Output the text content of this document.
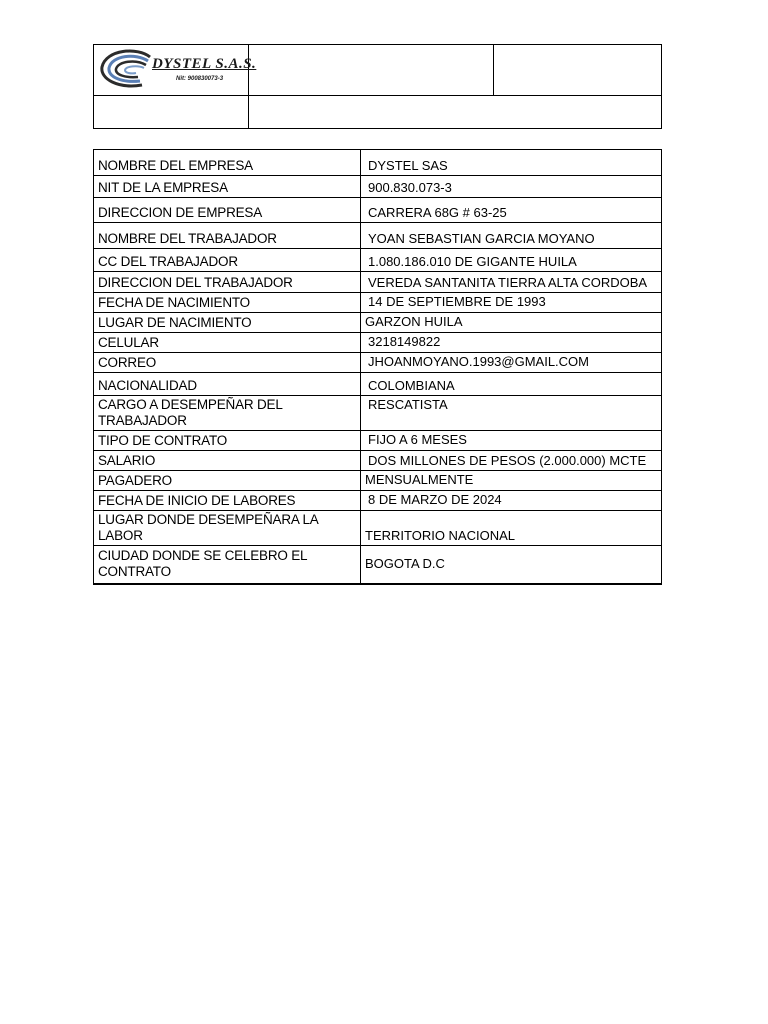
DYSTEL S.A.S.
Nit: 900830073-3		

NOMBRE DEL EMPRESA	DYSTEL SAS
NIT DE LA EMPRESA	900.830.073-3
DIRECCION DE EMPRESA	CARRERA 68G # 63-25
NOMBRE DEL TRABAJADOR	YOAN SEBASTIAN GARCIA MOYANO
CC DEL TRABAJADOR	1.080.186.010 DE GIGANTE HUILA
DIRECCION DEL TRABAJADOR	VEREDA SANTANITA TIERRA ALTA CORDOBA
FECHA DE NACIMIENTO	14 DE SEPTIEMBRE DE 1993
LUGAR DE NACIMIENTO	GARZON HUILA
CELULAR	3218149822
CORREO	JHOANMOYANO.1993@GMAIL.COM
NACIONALIDAD	COLOMBIANA
CARGO A DESEMPEÑAR DEL TRABAJADOR	RESCATISTA
TIPO DE CONTRATO	FIJO A 6 MESES
SALARIO	DOS MILLONES DE PESOS (2.000.000) MCTE
PAGADERO	MENSUALMENTE
FECHA DE INICIO DE LABORES	8 DE MARZO DE 2024
LUGAR DONDE DESEMPEÑARA LA LABOR	TERRITORIO NACIONAL
CIUDAD DONDE SE CELEBRO EL CONTRATO	BOGOTA D.C
